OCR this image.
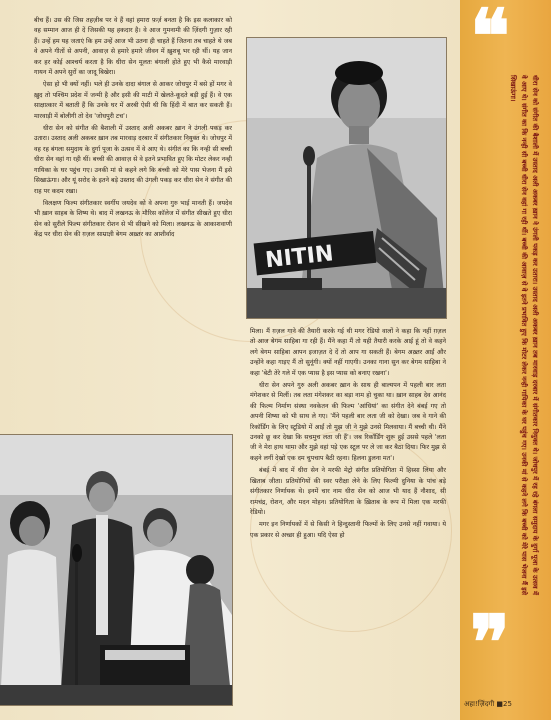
बीच हैं। उस की जिस तहज़ीब पर वे हैं वहां हमारा फ़र्ज़ बनता है कि इस कलाकार को वह सम्मान आज ही दें जिसकी यह हकदार है। वे आज गुमनामी की ज़िंदगी गुज़ार रही हैं। उन्हें हम यह जताएं कि हम उन्हें आज भी उतना ही चाहते हैं जितना तब चाहते थे जब वे अपने गीतों से अपनी, आवाज़ से हमारे हमारे जीवन में ख़ुशबू भर रही थीं। यह जान कर हर कोई आश्चर्य करता है कि धीरा सेन मूलतः बंगाली होते हुए भी कैसे मारवाड़ी गायन में अपने सुरों का जादू बिखेरा।

ऐसा हो भी क्यों नहीं। भले ही उनके दादा बंगाल से आकर जोधपुर में बसे हों मगर वे ख़ुद तो पश्चिम प्रदेश में जन्मी है और इसी की माटी में खेलते-कूदते बड़ी हुई हैं। वे एक साक्षात्कार में बताती हैं कि उनके घर में अरबी ऐसी थी कि हिंदी में बात कर सकती हैं। मारवाड़ी में बोलीगी तो देव 'जोधपुरी टच'।

धीरा सेन को संगीत की बैशाली में उस्ताद अली अकबर ख़ान ने उंगली पकड़ कर उतारा। उस्ताद अली अकबर ख़ान तब मारवाड़ दरबार में संगीतकार नियुक्त थे। जोधपुर में वह रह बंगला समुदाय के दुर्गा पूजा के उत्सव में वे आए थे। संगीत का कि नन्ही सी बच्ची धीरा सेन वहां गा रही थीं। बच्ची की आवाज़ से वे इतने प्रभावित हुए कि मोटर लेकर नन्ही गायिका के घर पहुंच गए। उनकी मां से कहने लगे कि बच्ची को मेरे पास भेजना मैं इसे सिखाऊंगा। और यूं सरोद के इतने बड़े उस्ताद की उंगली पकड़ कर धीरा सेन ने संगीत की राह पर कदम रखा।

विलक्षण फिल्म संगीतकार स्वर्गीय जयदेव को वे अपना गुरु भाई मानती हैं। जयदेव भी ख़ान साहब के शिष्य थे। बाद में लखनऊ के मौरिस कॉलेज में संगीत सीखते हुए धीरा सेन को सुरीले फिल्म संगीतकार रोशन से भी सीखने को मिला। लखनऊ के आकाशवाणी केंद्र पर धीरा सेन की ग़ज़ल साम्राज्ञी बेगम अख़्तर का आशीर्वाद

NITIN

मिला। मैं ग़ज़ल गाने की तैयारी करके गई थी मगर रेडियो वालों ने कहा कि नहीं ग़ज़ल तो आज बेगम साहिबा गा रही हैं। मैंने कहा मैं तो यही तैयारी करके आई हूं तो वे कहने लगे बेगम साहिबा आपन इजाज़त दे दें तो आप गा सकती हैं। बेगम अख़्तर आईं और उन्होंने कहा गाइए मैं तो सुनूंगी। क्यों नहीं गाएगी। उनका गाना सुन कर बेगम साहिबा ने कहा 'बेटी तेरे गले में एक प्यास है इस प्यास को बनाए रखना'।

धीरा सेन अपने गुरु अली अकबर ख़ान के साथ ही बाल्यपन में पहली बार लता मंगेशकर से मिलीं। तब लता मंगेशकर का बड़ा नाम हो चुका था। ख़ान साहब देव आनंद की फिल्म निर्माण संस्था नवकेतन की फिल्म 'आंधियां' का संगीत देने बंबई गए तो अपनी शिष्या को भी साथ ले गए। 'मैंने पहली बार लता जी को देखा। जब वे गाने की रिकॉर्डिंग के लिए स्टूडियो में आईं तो मुझ जी ने मुझे उनसे मिलवाया। मैं बच्ची थी। मैंने उनको छू कर देखा कि सचमुच लता जी हैं'। जब रिकॉर्डिंग शुरू हुई उससे पहले 'लता जी ने मेरा हाथ थामा और मुझे वहां पड़े एक स्टूल पर ले जा कर बैठा दिया। फिर मुझ से कहने लगीं देखो एक दम चुपचाप बैठी रहना। हिलना डुलना मत'।

बंबई में बाद में धीरा सेन ने मरफी मेट्रो संगीत प्रतियोगिता में हिस्सा लिया और खिताब जीता। प्रतियोगियों की स्वर परीक्षा लेने के लिए फिल्मी दुनिया के पांच बड़े संगीतकार निर्णायक थे। इनमें चार नाम धीरा सेन को आज भी याद हैं नौशाद, सी रामचंद्र, रोशन, और मदन मोहन। प्रतियोगिता के ख़िताब के रूप में मिला एक मरफी रेडियो।

मगर इन निर्णायकों में से किसी ने हिन्दुस्तानी फिल्मों के लिए उनसे नहीं गवाया। ये एक प्रकार से अच्छा ही हुआ। यदि ऐसा हो

❝
धीरा सेन को संगीत की बैशाली में उस्ताद अली अकबर ख़ान ने उंगली पकड़ कर उतारा। उस्ताद अली अकबर ख़ान तब मारवाड़ दरबार में संगीतकार नियुक्त थे। जोधपुर में रह रहे बंगला समुदाय के दुर्गा पूजा के उत्सव में वे आए थे। संगीत का कि नन्ही सी बच्ची धीरा सेन वहां गा रही थीं। बच्ची की आवाज़ से वे इतने प्रभावित हुए कि मोटर लेकर नन्ही गायिका के घर पहुंच गए। उनकी मां से कहने लगे कि बच्ची को मेरे पास भेजना मैं इसे सिखाऊंगा।
❞
अहा!ज़िंदगी ■25
